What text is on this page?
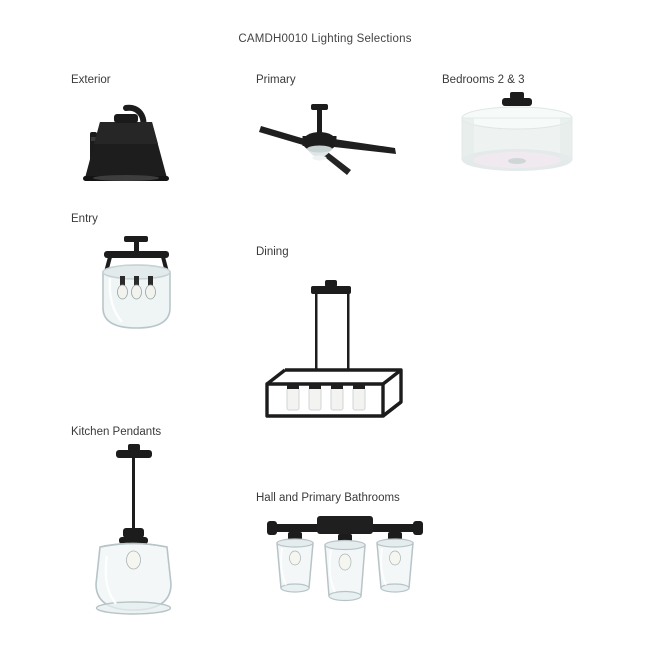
CAMDH0010 Lighting Selections
Exterior	Primary	Bedrooms 2 & 3
Entry
Dining
Kitchen Pendants
Hall and Primary Bathrooms
